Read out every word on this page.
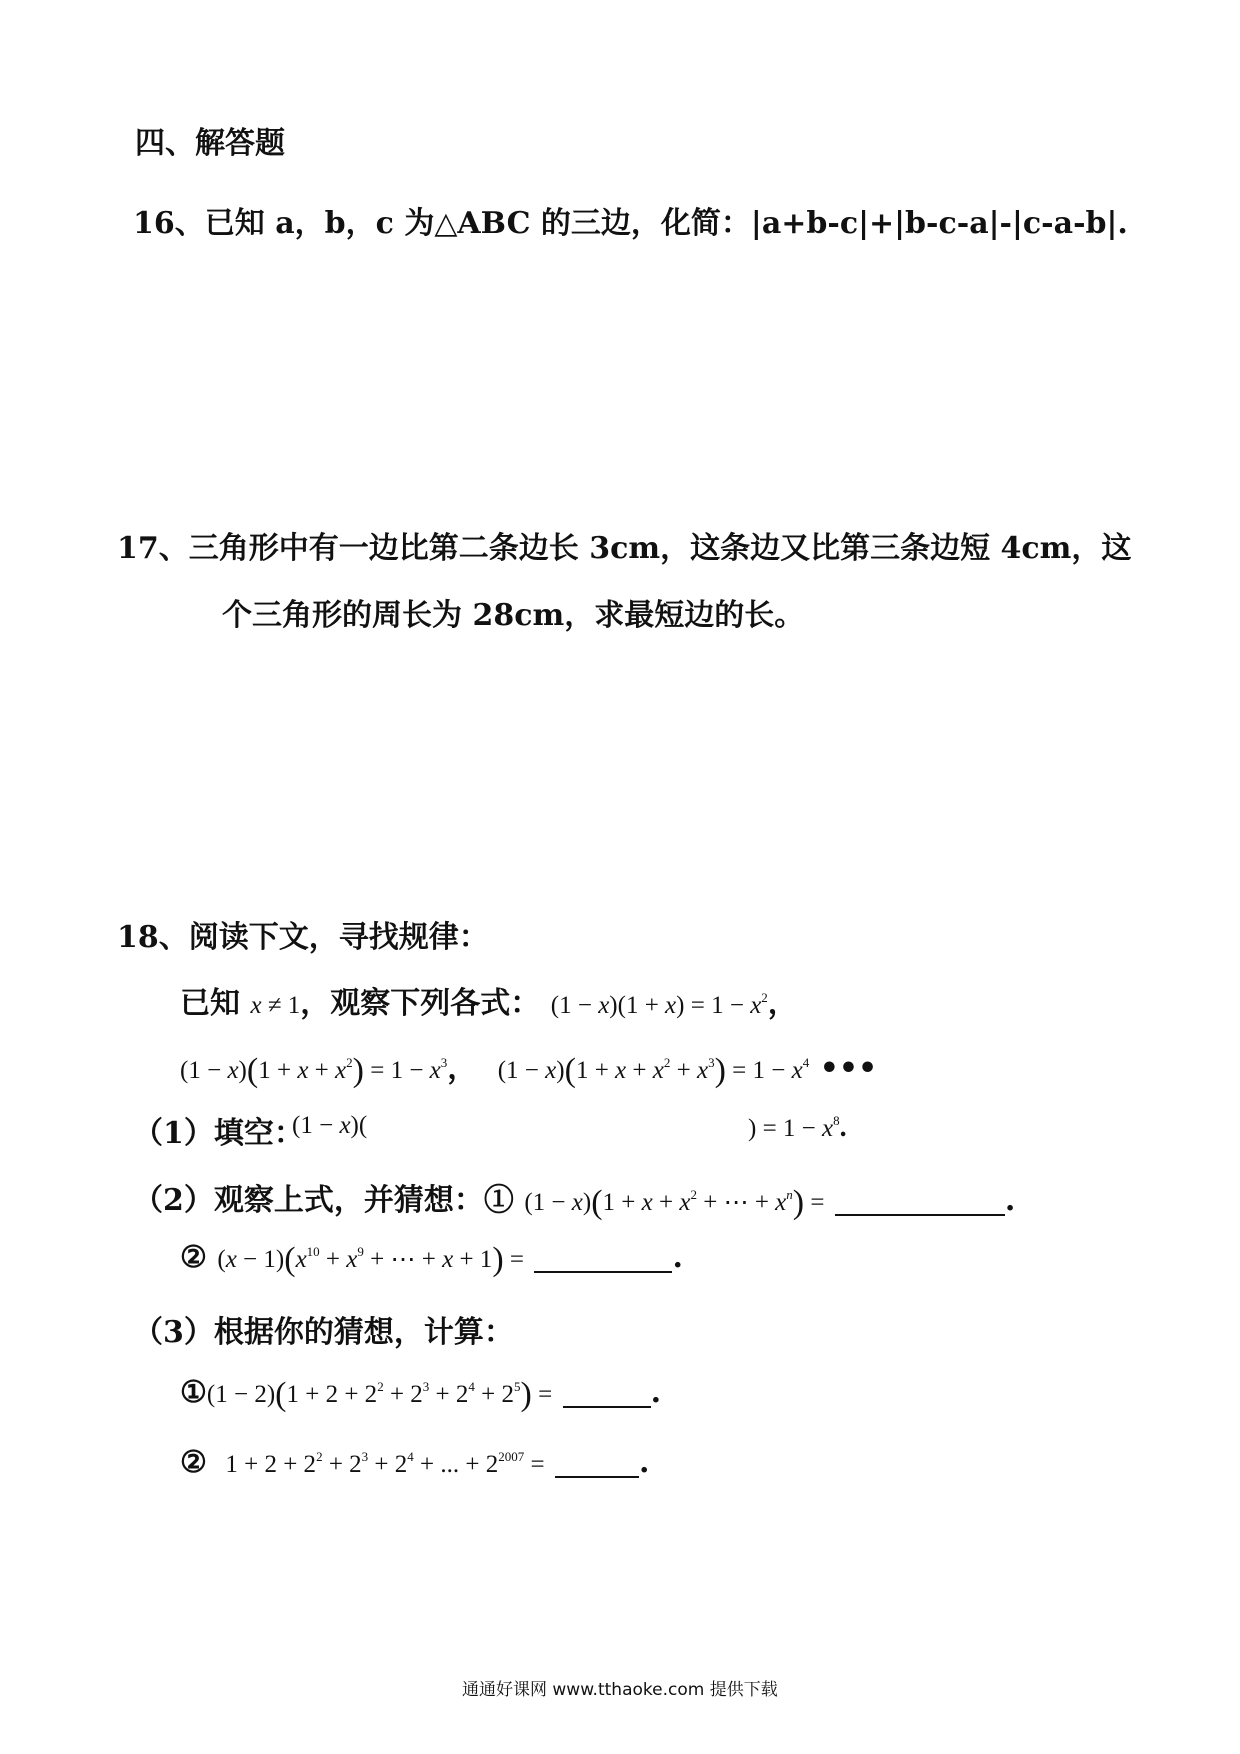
四、解答题
16、已知 a，b，c 为△ABC 的三边，化简：|a+b-c|+|b-c-a|-|c-a-b|.
17、三角形中有一边比第二条边长 3cm，这条边又比第三条边短 4cm，这
个三角形的周长为 28cm，求最短边的长。
18、阅读下文，寻找规律：
已知 x ≠ 1，观察下列各式： $(1 - x)(1 + x) = 1 - x^2$，
$(1 - x)(1 + x + x^2) = 1 - x^3$， $(1 - x)(1 + x + x^2 + x^3) = 1 - x^4$ •••
（1）填空：
(1 − x)(	) = $1 - x^8$.
（2）观察上式，并猜想：① $(1 - x)(1 + x + x^2$ + ⋯ + $x^n$) =	.
② $(x - 1)(x^{10} + x^9$ + ⋯ + x + 1) =	.
（3）根据你的猜想，计算：
①(1 − $2)(1 + 2 + 2^2 + 2^3 + 2^4 + 2^5)$ =	.
② $1 + 2 + 2^2 + 2^3 + 2^4$ + ... + $2^{2007}$ =	.
通通好课网 www.tthaoke.com 提供下载
